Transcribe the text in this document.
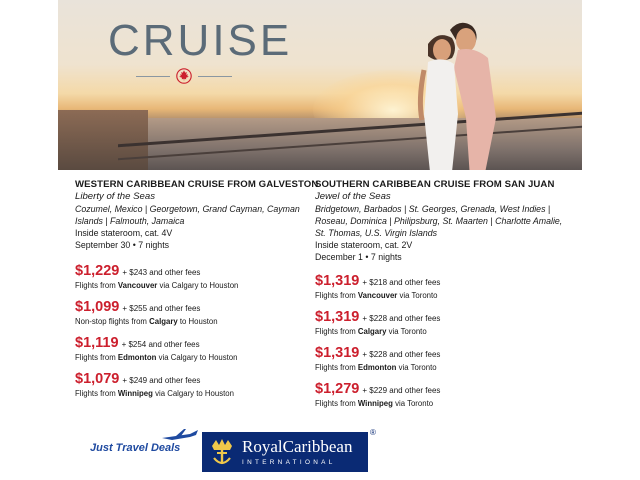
CRUISE
WESTERN CARIBBEAN CRUISE FROM GALVESTON
Liberty of the Seas
Cozumel, Mexico | Georgetown, Grand Cayman, Cayman Islands | Falmouth, Jamaica
Inside stateroom, cat. 4V
September 30 • 7 nights
$1,229 + $243 and other fees
Flights from Vancouver via Calgary to Houston
$1,099 + $255 and other fees
Non-stop flights from Calgary to Houston
$1,119 + $254 and other fees
Flights from Edmonton via Calgary to Houston
$1,079 + $249 and other fees
Flights from Winnipeg via Calgary to Houston
SOUTHERN CARIBBEAN CRUISE FROM SAN JUAN
Jewel of the Seas
Bridgetown, Barbados | St. Georges, Grenada, West Indies | Roseau, Dominica | Philipsburg, St. Maarten | Charlotte Amalie, St. Thomas, U.S. Virgin Islands
Inside stateroom, cat. 2V
December 1 • 7 nights
$1,319 + $218 and other fees
Flights from Vancouver via Toronto
$1,319 + $228 and other fees
Flights from Calgary via Toronto
$1,319 + $228 and other fees
Flights from Edmonton via Toronto
$1,279 + $229 and other fees
Flights from Winnipeg via Toronto
Just Travel Deals	RoyalCaribbean
INTERNATIONAL
®
